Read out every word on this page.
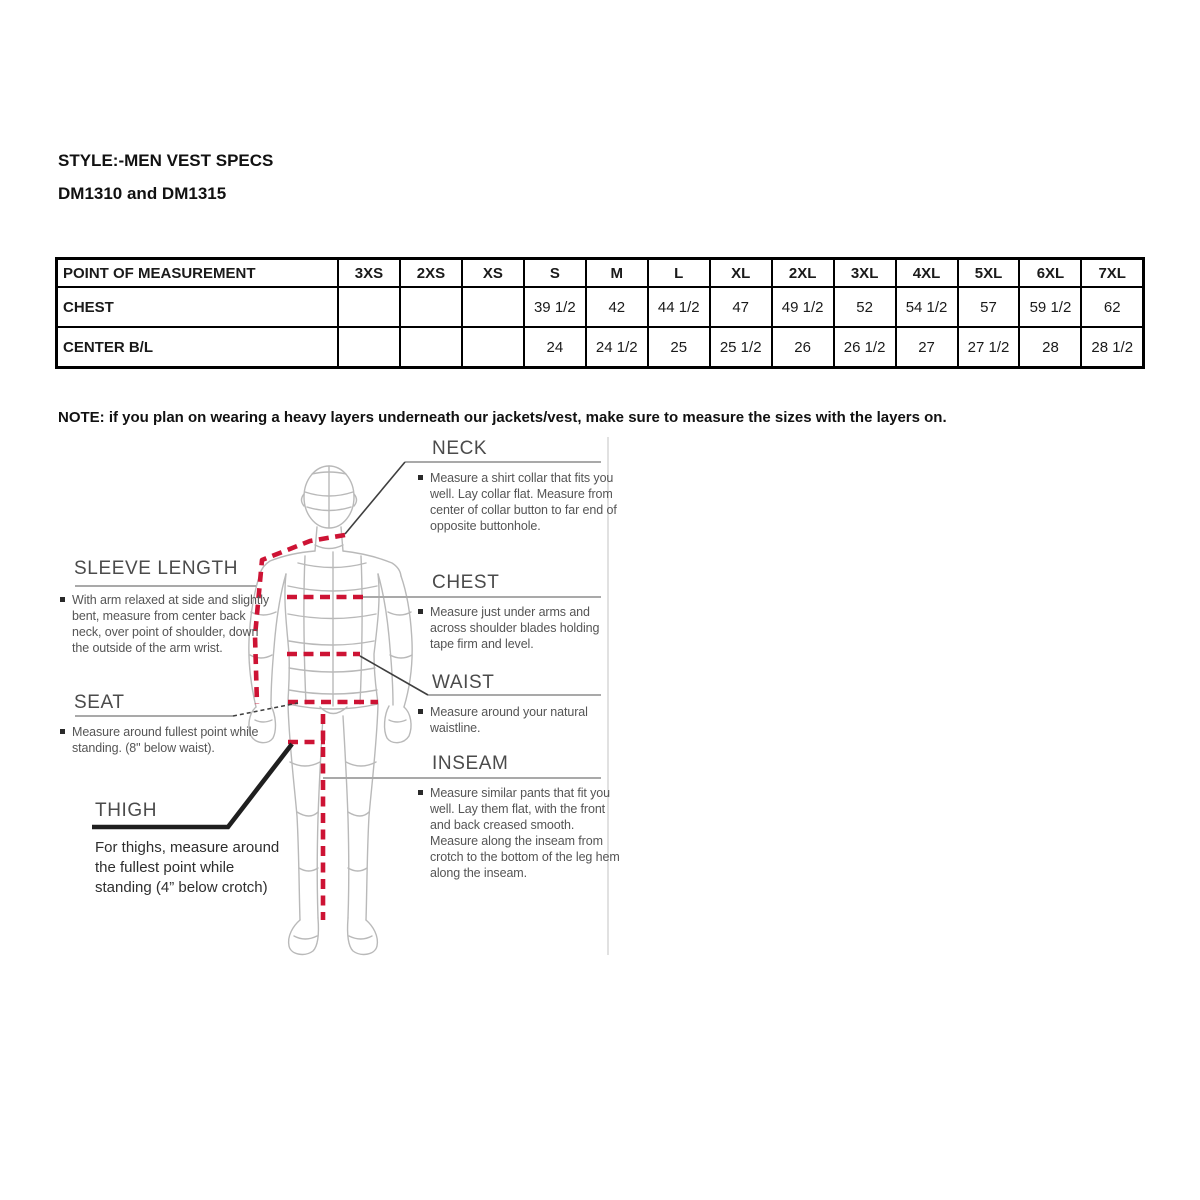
STYLE:-MEN VEST SPECS
DM1310 and DM1315
POINT OF MEASUREMENT	3XS	2XS	XS	S	M	L	XL	2XL	3XL	4XL	5XL	6XL	7XL
CHEST				39 1/2	42	44 1/2	47	49 1/2	52	54 1/2	57	59 1/2	62
CENTER B/L				24	24 1/2	25	25 1/2	26	26 1/2	27	27 1/2	28	28 1/2

NOTE: if you plan on wearing a heavy layers underneath our jackets/vest, make sure to measure the sizes with the layers on.

NECK

Measure a shirt collar that fits you well. Lay collar flat. Measure from center of collar button to far end of opposite buttonhole.

SLEEVE LENGTH

With arm relaxed at side and slightly bent, measure from center back neck, over point of shoulder, down the outside of the arm wrist.

CHEST

Measure just under arms and across shoulder blades holding tape firm and level.

WAIST

Measure around your natural waistline.

SEAT

Measure around fullest point while standing. (8" below waist).

INSEAM

Measure similar pants that fit you well. Lay them flat, with the front and back creased smooth. Measure along the inseam from crotch to the bottom of the leg hem along the inseam.

THIGH

For thighs, measure around the fullest point while standing (4” below crotch)
